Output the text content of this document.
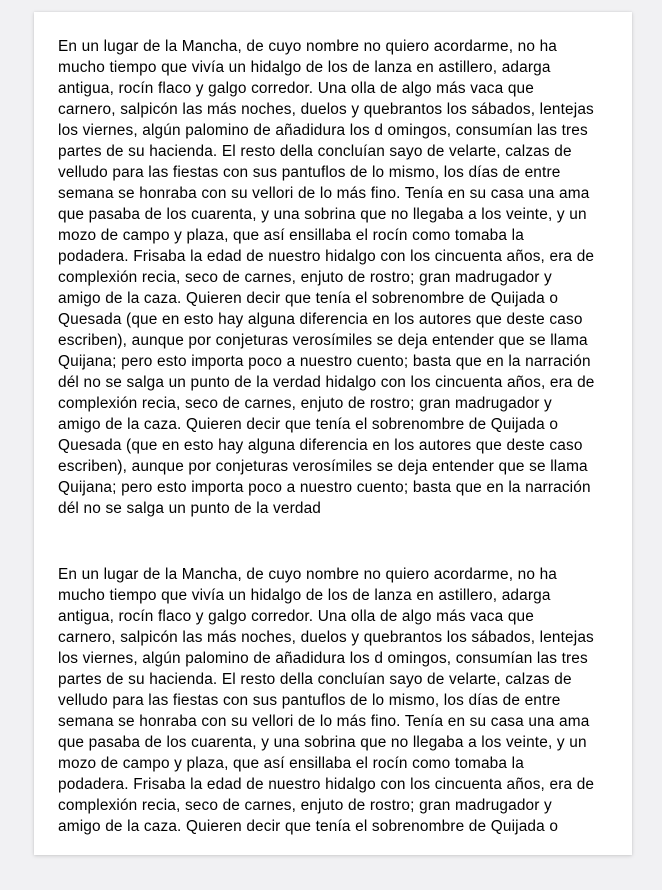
En un lugar de la Mancha, de cuyo nombre no quiero acordarme, no ha mucho tiempo que vivía un hidalgo de los de lanza en astillero, adarga antigua, rocín flaco y galgo corredor. Una olla de algo más vaca que carnero, salpicón las más noches, duelos y quebrantos los sábados, lentejas los viernes, algún palomino de añadidura los d omingos, consumían las tres partes de su hacienda. El resto della concluían sayo de velarte, calzas de velludo para las fiestas con sus pantuflos de lo mismo, los días de entre semana se honraba con su vellori de lo más fino. Tenía en su casa una ama que pasaba de los cuarenta, y una sobrina que no llegaba a los veinte, y un mozo de campo y plaza, que así ensillaba el rocín como tomaba la podadera. Frisaba la edad de nuestro hidalgo con los cincuenta años, era de complexión recia, seco de carnes, enjuto de rostro; gran madrugador y amigo de la caza. Quieren decir que tenía el sobrenombre de Quijada o Quesada (que en esto hay alguna diferencia en los autores que deste caso escriben), aunque por conjeturas verosímiles se deja entender que se llama Quijana; pero esto importa poco a nuestro cuento; basta que en la narración dél no se salga un punto de la verdad hidalgo con los cincuenta años, era de complexión recia, seco de carnes, enjuto de rostro; gran madrugador y amigo de la caza. Quieren decir que tenía el sobrenombre de Quijada o Quesada (que en esto hay alguna diferencia en los autores que deste caso escriben), aunque por conjeturas verosímiles se deja entender que se llama Quijana; pero esto importa poco a nuestro cuento; basta que en la narración dél no se salga un punto de la verdad

En un lugar de la Mancha, de cuyo nombre no quiero acordarme, no ha mucho tiempo que vivía un hidalgo de los de lanza en astillero, adarga antigua, rocín flaco y galgo corredor. Una olla de algo más vaca que carnero, salpicón las más noches, duelos y quebrantos los sábados, lentejas los viernes, algún palomino de añadidura los d omingos, consumían las tres partes de su hacienda. El resto della concluían sayo de velarte, calzas de velludo para las fiestas con sus pantuflos de lo mismo, los días de entre semana se honraba con su vellori de lo más fino. Tenía en su casa una ama que pasaba de los cuarenta, y una sobrina que no llegaba a los veinte, y un mozo de campo y plaza, que así ensillaba el rocín como tomaba la podadera. Frisaba la edad de nuestro hidalgo con los cincuenta años, era de complexión recia, seco de carnes, enjuto de rostro; gran madrugador y amigo de la caza. Quieren decir que tenía el sobrenombre de Quijada o
